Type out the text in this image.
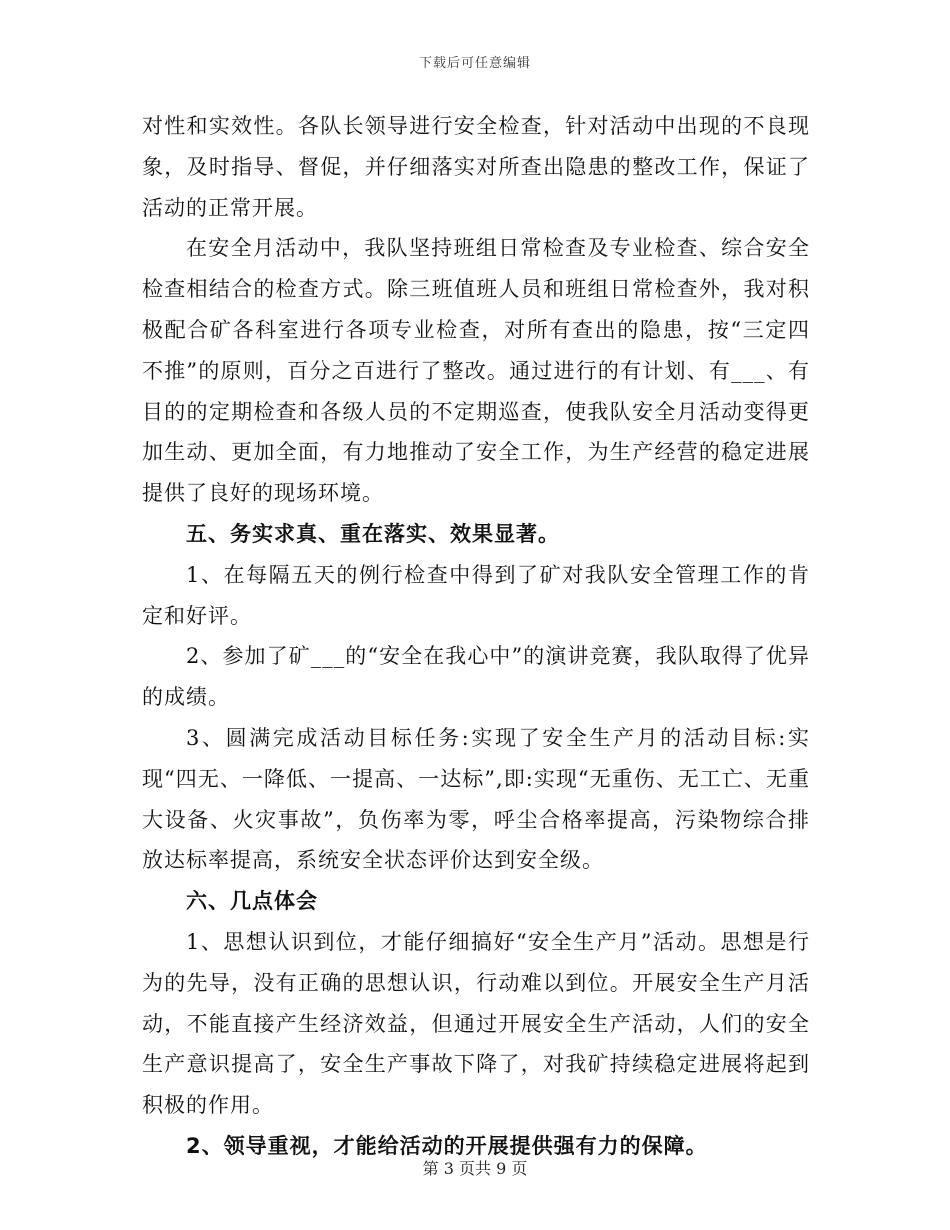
下载后可任意编辑

对性和实效性。各队长领导进行安全检查，针对活动中出现的不良现象，及时指导、督促，并仔细落实对所查出隐患的整改工作，保证了活动的正常开展。

在安全月活动中，我队坚持班组日常检查及专业检查、综合安全检查相结合的检查方式。除三班值班人员和班组日常检查外，我对积极配合矿各科室进行各项专业检查，对所有查出的隐患，按“三定四不推”的原则，百分之百进行了整改。通过进行的有计划、有___、有目的的定期检查和各级人员的不定期巡查，使我队安全月活动变得更加生动、更加全面，有力地推动了安全工作，为生产经营的稳定进展提供了良好的现场环境。

五、务实求真、重在落实、效果显著。

1、在每隔五天的例行检查中得到了矿对我队安全管理工作的肯定和好评。

2、参加了矿___的“安全在我心中”的演讲竞赛，我队取得了优异的成绩。

3、圆满完成活动目标任务:实现了安全生产月的活动目标:实现“四无、一降低、一提高、一达标”,即:实现“无重伤、无工亡、无重大设备、火灾事故”，负伤率为零，呼尘合格率提高，污染物综合排放达标率提高，系统安全状态评价达到安全级。

六、几点体会

1、思想认识到位，才能仔细搞好“安全生产月”活动。思想是行为的先导，没有正确的思想认识，行动难以到位。开展安全生产月活动，不能直接产生经济效益，但通过开展安全生产活动，人们的安全生产意识提高了，安全生产事故下降了，对我矿持续稳定进展将起到积极的作用。

2、领导重视，才能给活动的开展提供强有力的保障。

第 3 页共 9 页
